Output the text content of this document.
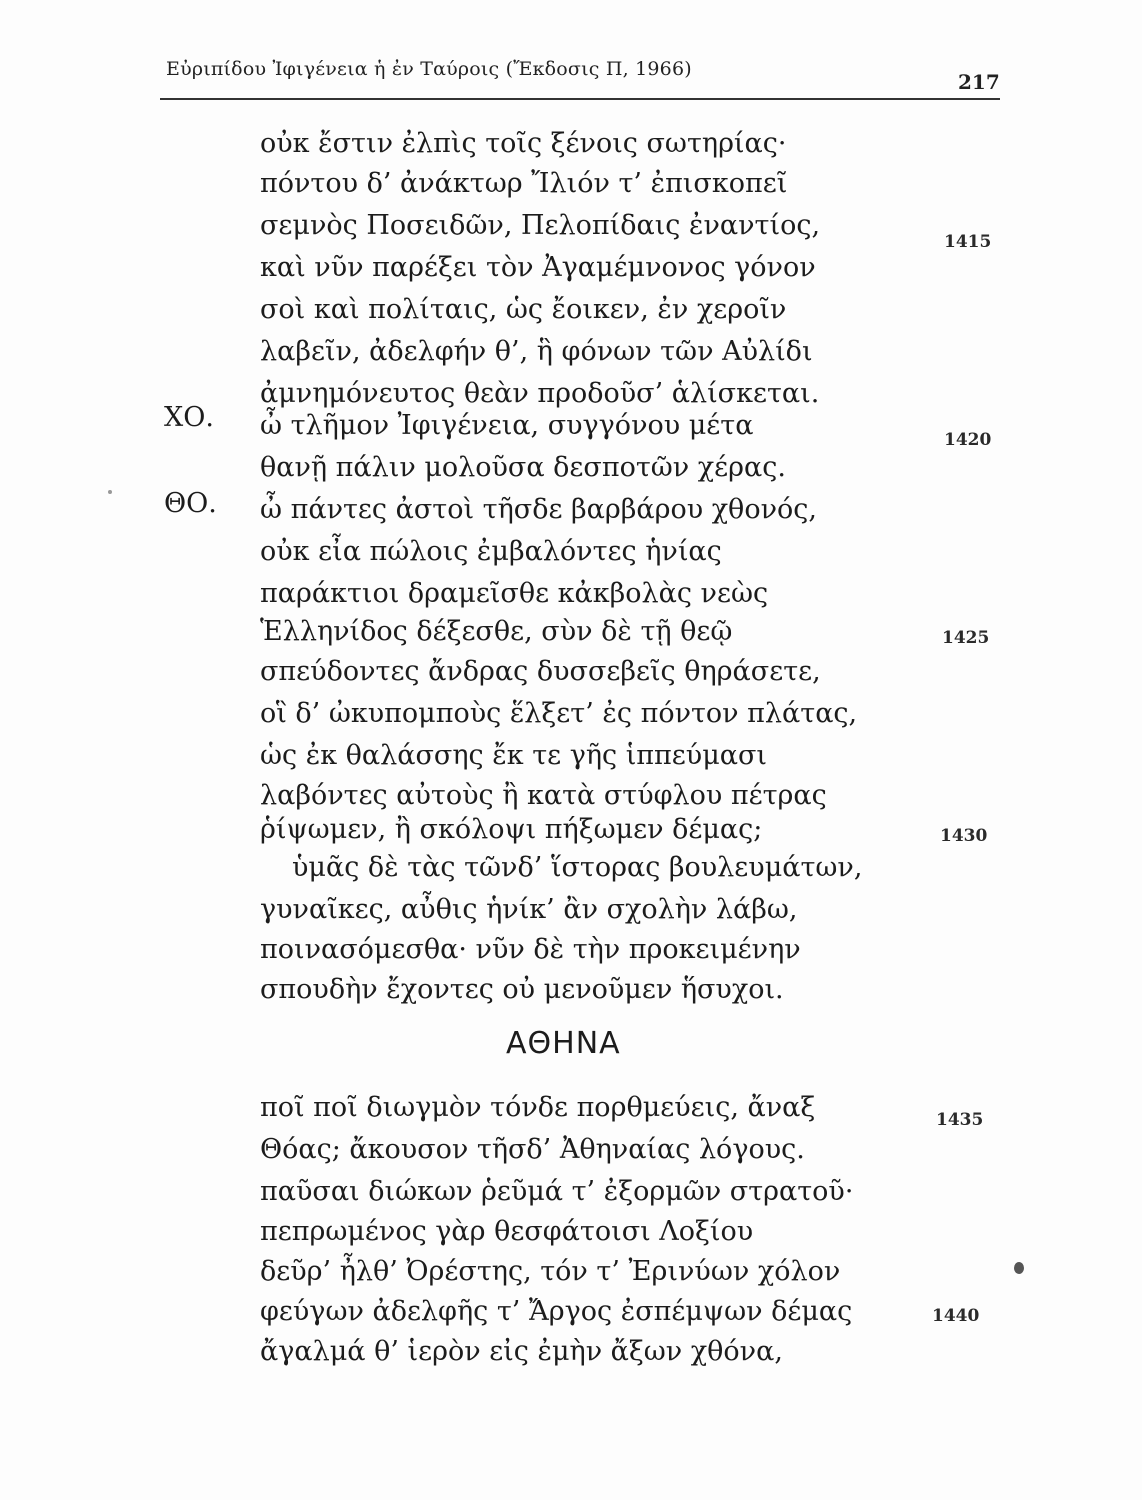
Εὐριπίδου Ἰφιγένεια ἡ ἐν Ταύροις (Ἔκδοσις Π, 1966)
217
οὐκ ἔστιν ἐλπὶς τοῖς ξένοις σωτηρίας·
πόντου δ’ ἀνάκτωρ Ἴλιόν τ’ ἐπισκοπεῖ
σεμνὸς Ποσειδῶν, Πελοπίδαις ἐναντίος,
καὶ νῦν παρέξει τὸν Ἀγαμέμνονος γόνον
σοὶ καὶ πολίταις, ὡς ἔοικεν, ἐν χεροῖν
λαβεῖν, ἀδελφήν θ’, ἣ φόνων τῶν Αὐλίδι
ἀμνημόνευτος θεὰν προδοῦσ’ ἁλίσκεται.
ΧΟ. ὦ τλῆμον Ἰφιγένεια, συγγόνου μέτα
θανῇ πάλιν μολοῦσα δεσποτῶν χέρας.
ΘΟ. ὦ πάντες ἀστοὶ τῆσδε βαρβάρου χθονός,
οὐκ εἶα πώλοις ἐμβαλόντες ἡνίας
παράκτιοι δραμεῖσθε κἀκβολὰς νεὼς
Ἑλληνίδος δέξεσθε, σὺν δὲ τῇ θεῷ
σπεύδοντες ἄνδρας δυσσεβεῖς θηράσετε,
οἳ δ’ ὠκυπομποὺς ἕλξετ’ ἐς πόντον πλάτας,
ὡς ἐκ θαλάσσης ἔκ τε γῆς ἱππεύμασι
λαβόντες αὐτοὺς ἢ κατὰ στύφλου πέτρας
ῥίψωμεν, ἢ σκόλοψι πήξωμεν δέμας;
ὑμᾶς δὲ τὰς τῶνδ’ ἵστορας βουλευμάτων,
γυναῖκες, αὖθις ἡνίκ’ ἂν σχολὴν λάβω,
ποινασόμεσθα· νῦν δὲ τὴν προκειμένην
σπουδὴν ἔχοντες οὐ μενοῦμεν ἥσυχοι.
ΑΘΗΝΑ
ποῖ ποῖ διωγμὸν τόνδε πορθμεύεις, ἄναξ
Θόας; ἄκουσον τῆσδ’ Ἀθηναίας λόγους.
παῦσαι διώκων ῥεῦμά τ’ ἐξορμῶν στρατοῦ·
πεπρωμένος γὰρ θεσφάτοισι Λοξίου
δεῦρ’ ἦλθ’ Ὀρέστης, τόν τ’ Ἐρινύων χόλον
φεύγων ἀδελφῆς τ’ Ἄργος ἐσπέμψων δέμας
ἄγαλμά θ’ ἱερὸν εἰς ἐμὴν ἄξων χθόνα,
1415
1420
1425
1430
1435
1440
